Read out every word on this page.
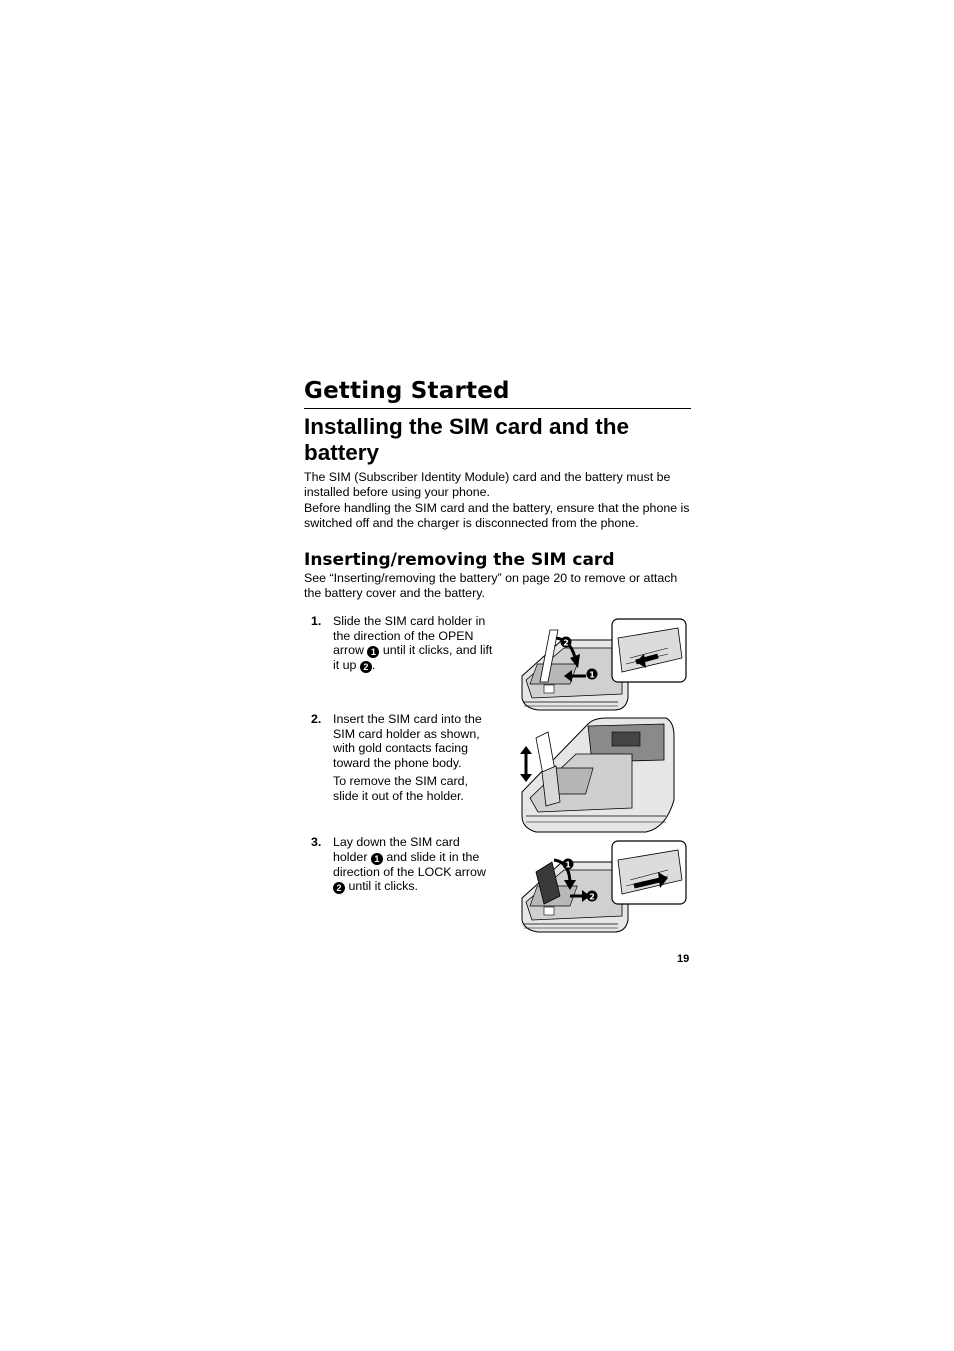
Getting Started
Installing the SIM card and the battery

The SIM (Subscriber Identity Module) card and the battery must be installed before using your phone.

Before handling the SIM card and the battery, ensure that the phone is switched off and the charger is disconnected from the phone.

Inserting/removing the SIM card

See “Inserting/removing the battery” on page 20 to remove or attach the battery cover and the battery.

1. Slide the SIM card holder in the direction of the OPEN arrow 1 until it clicks, and lift it up 2 .

2. Insert the SIM card into the SIM card holder as shown, with gold contacts facing toward the phone body.

To remove the SIM card, slide it out of the holder.

3. Lay down the SIM card holder 1 and slide it in the direction of the LOCK arrow 2 until it clicks.

2
1
1
2
19
